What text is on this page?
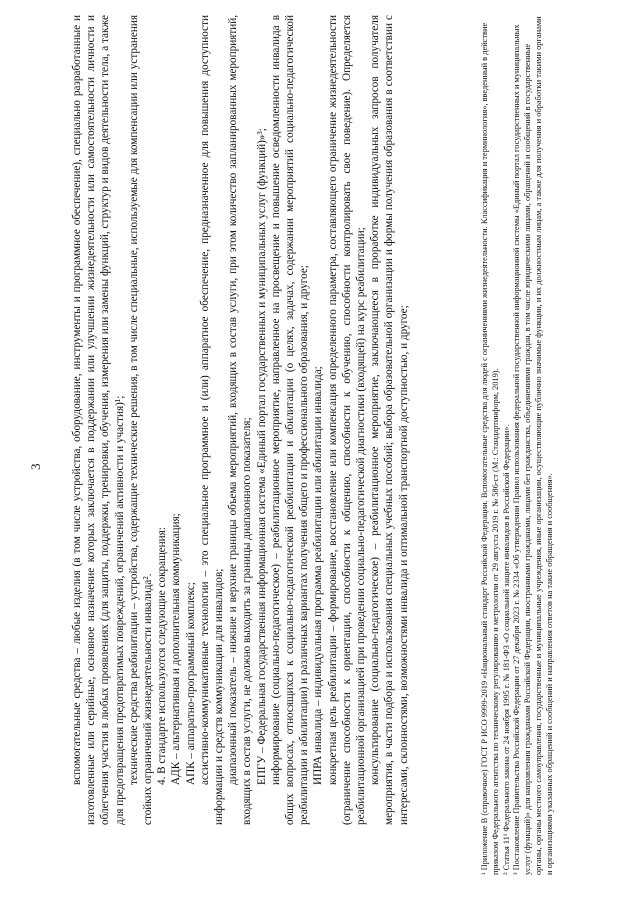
3	вспомогательные средства – любые изделия (в том числе устройства, оборудование, инструменты и программное обеспечение), специально разработанные и изготовленные или серийные, основное назначение которых заключается в поддержании или улучшении жизнедеятельности или самостоятельности личности и облегчения участия в любых проявлениях (для защиты, поддержки, тренировки, обучения, измерения или замены функций, структур и видов деятельности тела, а также для предотвращения предотвратимых повреждений, ограничений активности и участия)¹; технические средства реабилитации – устройства, содержащие технические решения, в том числе специальные, используемые для компенсации или устранения стойких ограничений жизнедеятельности инвалида². 4. В стандарте используются следующие сокращения: АДК – альтернативная и дополнительная коммуникация; АПК – аппаратно-программный комплекс; ассистивно-коммуникативные технологии – это специальное программное и (или) аппаратное обеспечение, предназначенное для повышения доступности информации и средств коммуникации для инвалидов; диапазонный показатель – нижние и верхние границы объема мероприятий, входящих в состав услуги, при этом количество запланированных мероприятий, входящих в состав услуги, не должно выходить за границы диапазонного показателя; ЕПГУ – Федеральная государственная информационная система «Единый портал государственных и муниципальных услуг (функций)»³; информирование (социально-педагогическое) – реабилитационное мероприятие, направленное на просвещение и повышение осведомленности инвалида в общих вопросах, относящихся к социально-педагогической реабилитации и абилитации (о целях, задачах, содержании мероприятий социально-педагогической реабилитации и абилитации) и различных вариантах получения общего и профессионального образования, и другое; ИПРА инвалида – индивидуальная программа реабилитации или абилитации инвалида; конкретная цель реабилитации – формирование, восстановление или компенсация определенного параметра, составляющего ограничение жизнедеятельности (ограничение способности к ориентации, способности к общению, способности к обучению, способности контролировать свое поведение). Определяется реабилитационной организацией при проведении социально-педагогической диагностики (входящей) на курс реабилитации; консультирование (социально-педагогическое) – реабилитационное мероприятие, заключающееся в проработке индивидуальных запросов получателя мероприятия, в части подбора и использования специальных учебных пособий; выбора образовательной организации и формы получения образования в соответствии с интересами, склонностями, возможностями инвалида и оптимальной транспортной доступностью, и другое;	¹ Приложение В (справочное) ГОСТ Р ИСО 9999-2019 «Национальный стандарт Российской Федерации. Вспомогательные средства для людей с ограничениями жизнедеятельности. Классификация и терминология», введенный в действие приказом Федерального агентства по техническому регулированию и метрологии от 29 августа 2019 г. № 586-ст (М.: Стандартинформ, 2019). ² Статья 11¹ Федерального закона от 24 ноября 1995 г. № 181-ФЗ «О социальной защите инвалидов в Российской Федерации». ³ Постановление Правительства Российской Федерации от 27 декабря 2023 г. № 2334 «Об утверждении Правил использования федеральной государственной информационной системы «Единый портал государственных и муниципальных услуг (функций)» для направления гражданами Российской Федерации, иностранными гражданами, лицами без гражданства, объединениями граждан, в том числе юридическими лицами, обращений и сообщений в государственные органы, органы местного самоуправления, государственные и муниципальные учреждения, иные организации, осуществляющие публично значимые функции, и их должностным лицам, а также для получения и обработки такими органами и организациями указанных обращений и сообщений и направления ответов на такие обращения и сообщения».
